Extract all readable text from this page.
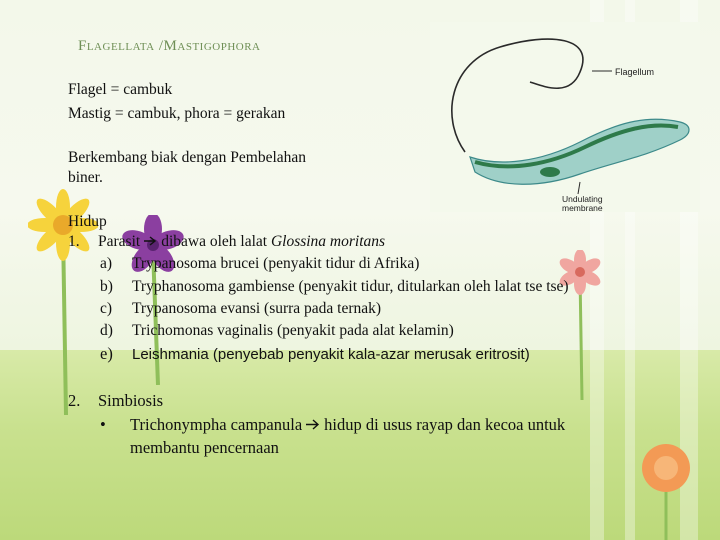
Flagellata /Mastigophora
Flagellum
Undulating
membrane
Flagel = cambuk
Mastig = cambuk, phora = gerakan
Berkembang biak dengan Pembelahan
biner.
Hidup
1. Parasit dibawa oleh lalat Glossina moritans
a) Trypanosoma brucei (penyakit tidur di Afrika)
b) Tryphanosoma gambiense (penyakit tidur, ditularkan oleh lalat tse tse)
c) Trypanosoma evansi (surra pada ternak)
d) Trichomonas vaginalis (penyakit pada alat kelamin)
e) Leishmania (penyebab penyakit kala-azar merusak eritrosit)
2. Simbiosis
• Trichonympha campanula hidup di usus rayap dan kecoa untuk
membantu pencernaan
